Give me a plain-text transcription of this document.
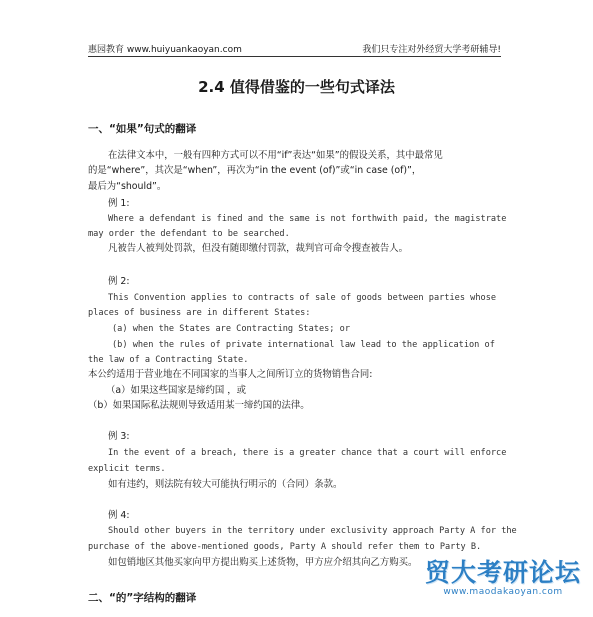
惠园教育 www.huiyuankaoyan.com	我们只专注对外经贸大学考研辅导!
2.4 值得借鉴的一些句式译法
一、“如果”句式的翻译
在法律文本中，一般有四种方式可以不用“if”表达“如果”的假设关系，其中最常见
的是“where”，其次是“when”，再次为“in the event (of)”或“in case (of)”，
最后为“should”。
例 1:
Where a defendant is fined and the same is not forthwith paid, the magistrate
may order the defendant to be searched.
凡被告人被判处罚款，但没有随即缴付罚款，裁判官可命令搜查被告人。
例 2:
This Convention applies to contracts of sale of goods between parties whose
places of business are in different States:
(a) when the States are Contracting States; or
(b) when the rules of private international law lead to the application of
the law of a Contracting State.
本公约适用于营业地在不同国家的当事人之间所订立的货物销售合同:
（a）如果这些国家是缔约国 ，或
（b）如果国际私法规则导致适用某一缔约国的法律。
例 3:
In the event of a breach, there is a greater chance that a court will enforce
explicit terms.
如有违约，则法院有较大可能执行明示的（合同）条款。
例 4:
Should other buyers in the territory under exclusivity approach Party A for the
purchase of the above-mentioned goods, Party A should refer them to Party B.
如包销地区其他买家向甲方提出购买上述货物，甲方应介绍其向乙方购买。
二、“的”字结构的翻译
贸大考研论坛
www.maodakaoyan.com
